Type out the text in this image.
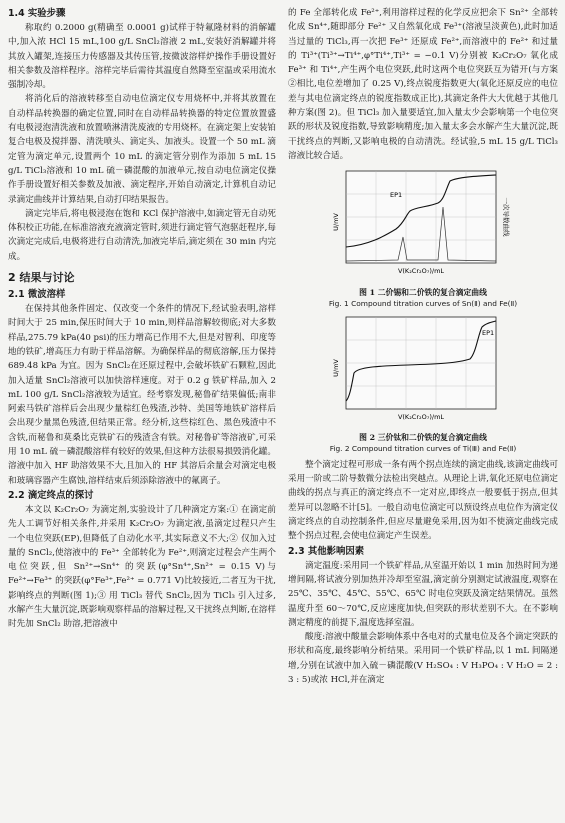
1.4 实验步骤

称取约 0.2000 g(精确至 0.0001 g)试样于特氟隆材料的消解罐中,加入浓 HCl 15 mL,100 g/L SnCl₂溶液 2 mL,安装好消解罐并将其放入罐架,连接压力传感器及其传压管,按微波溶样炉操作手册设置好相关参数及溶样程序。溶样完毕后需待其温度自然降至室温或采用流水强制冷却。

将消化后的溶液转移至自动电位滴定仪专用烧杯中,并将其放置在自动样品转换器的确定位置,同时在自动样品转换器的特定位置放置盛有电极浸泡清洗液和放置喷淋清洗废液的专用烧杯。在滴定架上安装铂复合电极及搅拌器、清洗喷头、滴定头、加液头。设置一个 50 mL 滴定管为滴定单元,设置两个 10 mL 的滴定管分别作为添加 5 mL 15 g/L TiCl₃溶液和 10 mL 硫－磷混酸的加液单元,按自动电位滴定仪操作手册设置好相关参数及加液、滴定程序,开始自动滴定,计算机自动记录滴定曲线并计算结果,自动打印结果报告。

滴定完毕后,将电极浸泡在饱和 KCl 保护溶液中,如滴定管无自动死体积校正功能,在标准溶液充液滴定管时,须进行滴定管气泡驱赶程序,每次滴定完成后,电极将进行自动清洗,加液完毕后,滴定须在 30 min 内完成。

2 结果与讨论
2.1 微波溶样

在保持其他条件固定、仅改变一个条件的情况下,经试验表明,溶样时间大于 25 min,保压时间大于 10 min,则样品溶解较彻底;对大多数样品,275.79 kPa(40 psi)的压力增高已作用不大,但是对智利、印度等地的铁矿,增高压力有助于样品溶解。为确保样品的彻底溶解,压力保持 689.48 kPa 为宜。因为 SnCl₂在还原过程中,会破坏铁矿石颗粒,因此加入适量 SnCl₂溶液可以加快溶样速度。对于 0.2 g 铁矿样品,加入 2 mL 100 g/L SnCl₂溶液较为适宜。经考察发现,秘鲁矿结果偏低;南非阿索马铁矿溶样后会出现少量棕红色残渣,沙特、美国等地铁矿溶样后会出现少量黑色残渣,但结果正常。经分析,这些棕红色、黑色残渣中不含铁,而秘鲁和莫桑比克铁矿石的残渣含有铁。对秘鲁矿等溶液矿,可采用 10 mL 硫－磷混酸溶样有较好的效果,但这种方法很易损毁消化罐。溶液中加入 HF 助溶效果不大,且加入的 HF 其溶后余量会对滴定电极和玻璃容器产生腐蚀,溶样结束后须添除溶液中的氟离子。

2.2 滴定终点的探讨

本文以 K₂Cr₂O₇ 为滴定剂,实验设计了几种滴定方案:① 在滴定前先人工调节好相关条件,并采用 K₂Cr₂O₇ 为滴定液,虽滴定过程只产生一个电位突跃(EP),但降低了自动化水平,其实际意义不大;② 仅加入过量的 SnCl₂,使溶液中的 Fe³⁺ 全部转化为 Fe²⁺,则滴定过程会产生两个电位突跃,但 Sn²⁺→Sn⁴⁺ 的突跃(φ°Sn⁴⁺,Sn²⁺ = 0.15 V)与 Fe²⁺→Fe³⁺ 的突跃(φ°Fe³⁺,Fe²⁺ = 0.771 V)比较接近,二者互为干扰,影响终点的判断(图 1);③ 用 TiCl₃ 替代 SnCl₂,因为 TiCl₃ 引入过多,水解产生大量沉淀,既影响观察样品的溶解过程,又干扰终点判断,在溶样时先加 SnCl₂ 助溶,把溶液中

的 Fe 全部转化成 Fe²⁺,利用溶样过程的化学反应把余下 Sn²⁺ 全部转化成 Sn⁴⁺,随即部分 Fe²⁺ 又自然氧化成 Fe³⁺(溶液呈淡黄色),此时加适当过量的 TiCl₃,再一次把 Fe³⁺ 还原成 Fe²⁺,而溶液中的 Fe²⁺ 和过量的 Ti³⁺(Ti³⁺→Ti⁴⁺,φ°Ti⁴⁺,Ti³⁺ = −0.1 V)分别被 K₂Cr₂O₇ 氧化成 Fe³⁺ 和 Ti⁴⁺,产生两个电位突跃,此时这两个电位突跃互为错开(与方案②相比,电位差增加了 0.25 V),终点锐度指数更大(氧化还原反应的电位差与其电位滴定终点的锐度指数成正比),其滴定条件大大优越于其他几种方案(图 2)。但 TiCl₃ 加入量要适宜,加入量太少会影响第一个电位突跃的形状及锐度指数,导致影响精度;加入量太多会水解产生大量沉淀,既干扰终点的判断,又影响电极的自动清洗。经试验,5 mL 15 g/L TiCl₃ 溶液比较合适。

EP1
U/mV
V(K₂Cr₂O₇)/mL
一次导数曲线
图 1 二价锡和二价铁的复合滴定曲线
Fig. 1 Compound titration curves of Sn(Ⅱ) and Fe(Ⅱ)
EP1
U/mV
V(K₂Cr₂O₇)/mL
图 2 三价钛和二价铁的复合滴定曲线
Fig. 2 Compound titration curves of Ti(Ⅲ) and Fe(Ⅱ)

整个滴定过程可形成一条有两个拐点连续的滴定曲线,该滴定曲线可采用一阶或二阶导数微分法检出突越点。从理论上讲,氧化还原电位滴定曲线的拐点与真正的滴定终点不一定对应,即终点一般要低于拐点,但其差异可以忽略不计[5]。一般自动电位滴定可以预设终点电位作为滴定仪滴定终点的自动控制条件,但应尽量避免采用,因为如不使滴定曲线完成整个拐点过程,会使电位滴定产生误差。

2.3 其他影响因素

滴定温度:采用同一个铁矿样品,从室温开始以 1 min 加热时间为递增间隔,将试液分别加热并冷却至室温,滴定前分别测定试液温度,观察在 25℃、35℃、45℃、55℃、65℃ 时电位突跃及滴定结果情况。虽然温度升至 60～70℃,反应速度加快,但突跃的形状差别不大。在不影响测定精度的前提下,温度选择室温。

酸度:溶液中酸量会影响体系中各电对的式量电位及各个滴定突跃的形状和高度,最终影响分析结果。采用同一个铁矿样品,以 1 mL 间隔递增,分别在试液中加入硫－磷混酸(V H₂SO₄ : V H₃PO₄ : V H₂O = 2 : 3 : 5)或浓 HCl,并在滴定
